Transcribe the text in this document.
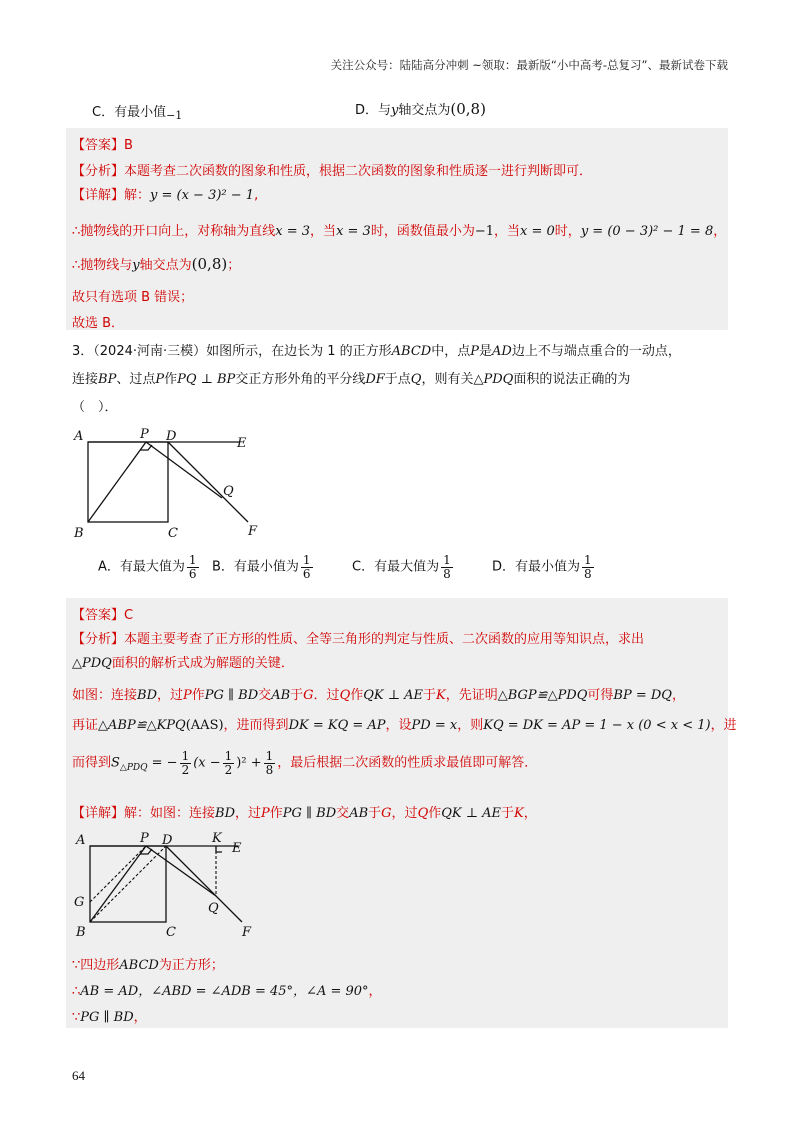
关注公众号：陆陆高分冲刺 ~领取：最新版“小中高考-总复习”、最新试卷下载
C．有最小值$_{-1}$	D．与y轴交点为(0,8)
【答案】B
【分析】本题考查二次函数的图象和性质，根据二次函数的图象和性质逐一进行判断即可．
【详解】解：y = (x − 3)² − 1,
∴抛物线的开口向上，对称轴为直线x = 3，当x = 3时，函数值最小为−1，当x = 0时，y = (0 − 3)² − 1 = 8，
∴抛物线与y轴交点为(0,8)；
故只有选项 B 错误；
故选 B．
3．（2024·河南·三模）如图所示，在边长为 1 的正方形ABCD中，点P是AD边上不与端点重合的一动点，
连接BP、过点P作PQ ⊥ BP交正方形外角的平分线DF于点Q，则有关△PDQ面积的说法正确的为
（　）．
A	P D	E
Q
B	C	F
A．有最大值为 $\frac{1}{6}$ B．有最小值为 $\frac{1}{6}$	C．有最大值为 $\frac{1}{8}$	D．有最小值为 $\frac{1}{8}$
【答案】C
【分析】本题主要考查了正方形的性质、全等三角形的判定与性质、二次函数的应用等知识点，求出
△PDQ面积的解析式成为解题的关键．
如图：连接BD，过P作PG ∥ BD交AB于G．过Q作QK ⊥ AE于K，先证明△BGP≌△PDQ可得BP = DQ，
再证△ABP≌△KPQ(AAS)，进而得到DK = KQ = AP，设PD = x，则KQ = DK = AP = 1 − x (0 < x < 1)，进
而得到$S_{\triangle PDQ}$ = − $\frac{1}{2} (x - \frac{1}{2} )^2 + \frac{1}{8}$ ，最后根据二次函数的性质求最值即可解答．
【详解】解：如图：连接BD，过P作PG ∥ BD交AB于G，过Q作QK ⊥ AE于K，
A	P D	K
E
G	Q
B	C	F
∵四边形ABCD为正方形；
∴AB = AD，∠ABD = ∠ADB = 45°，∠A = 90°，
∵PG ∥ BD，
64
